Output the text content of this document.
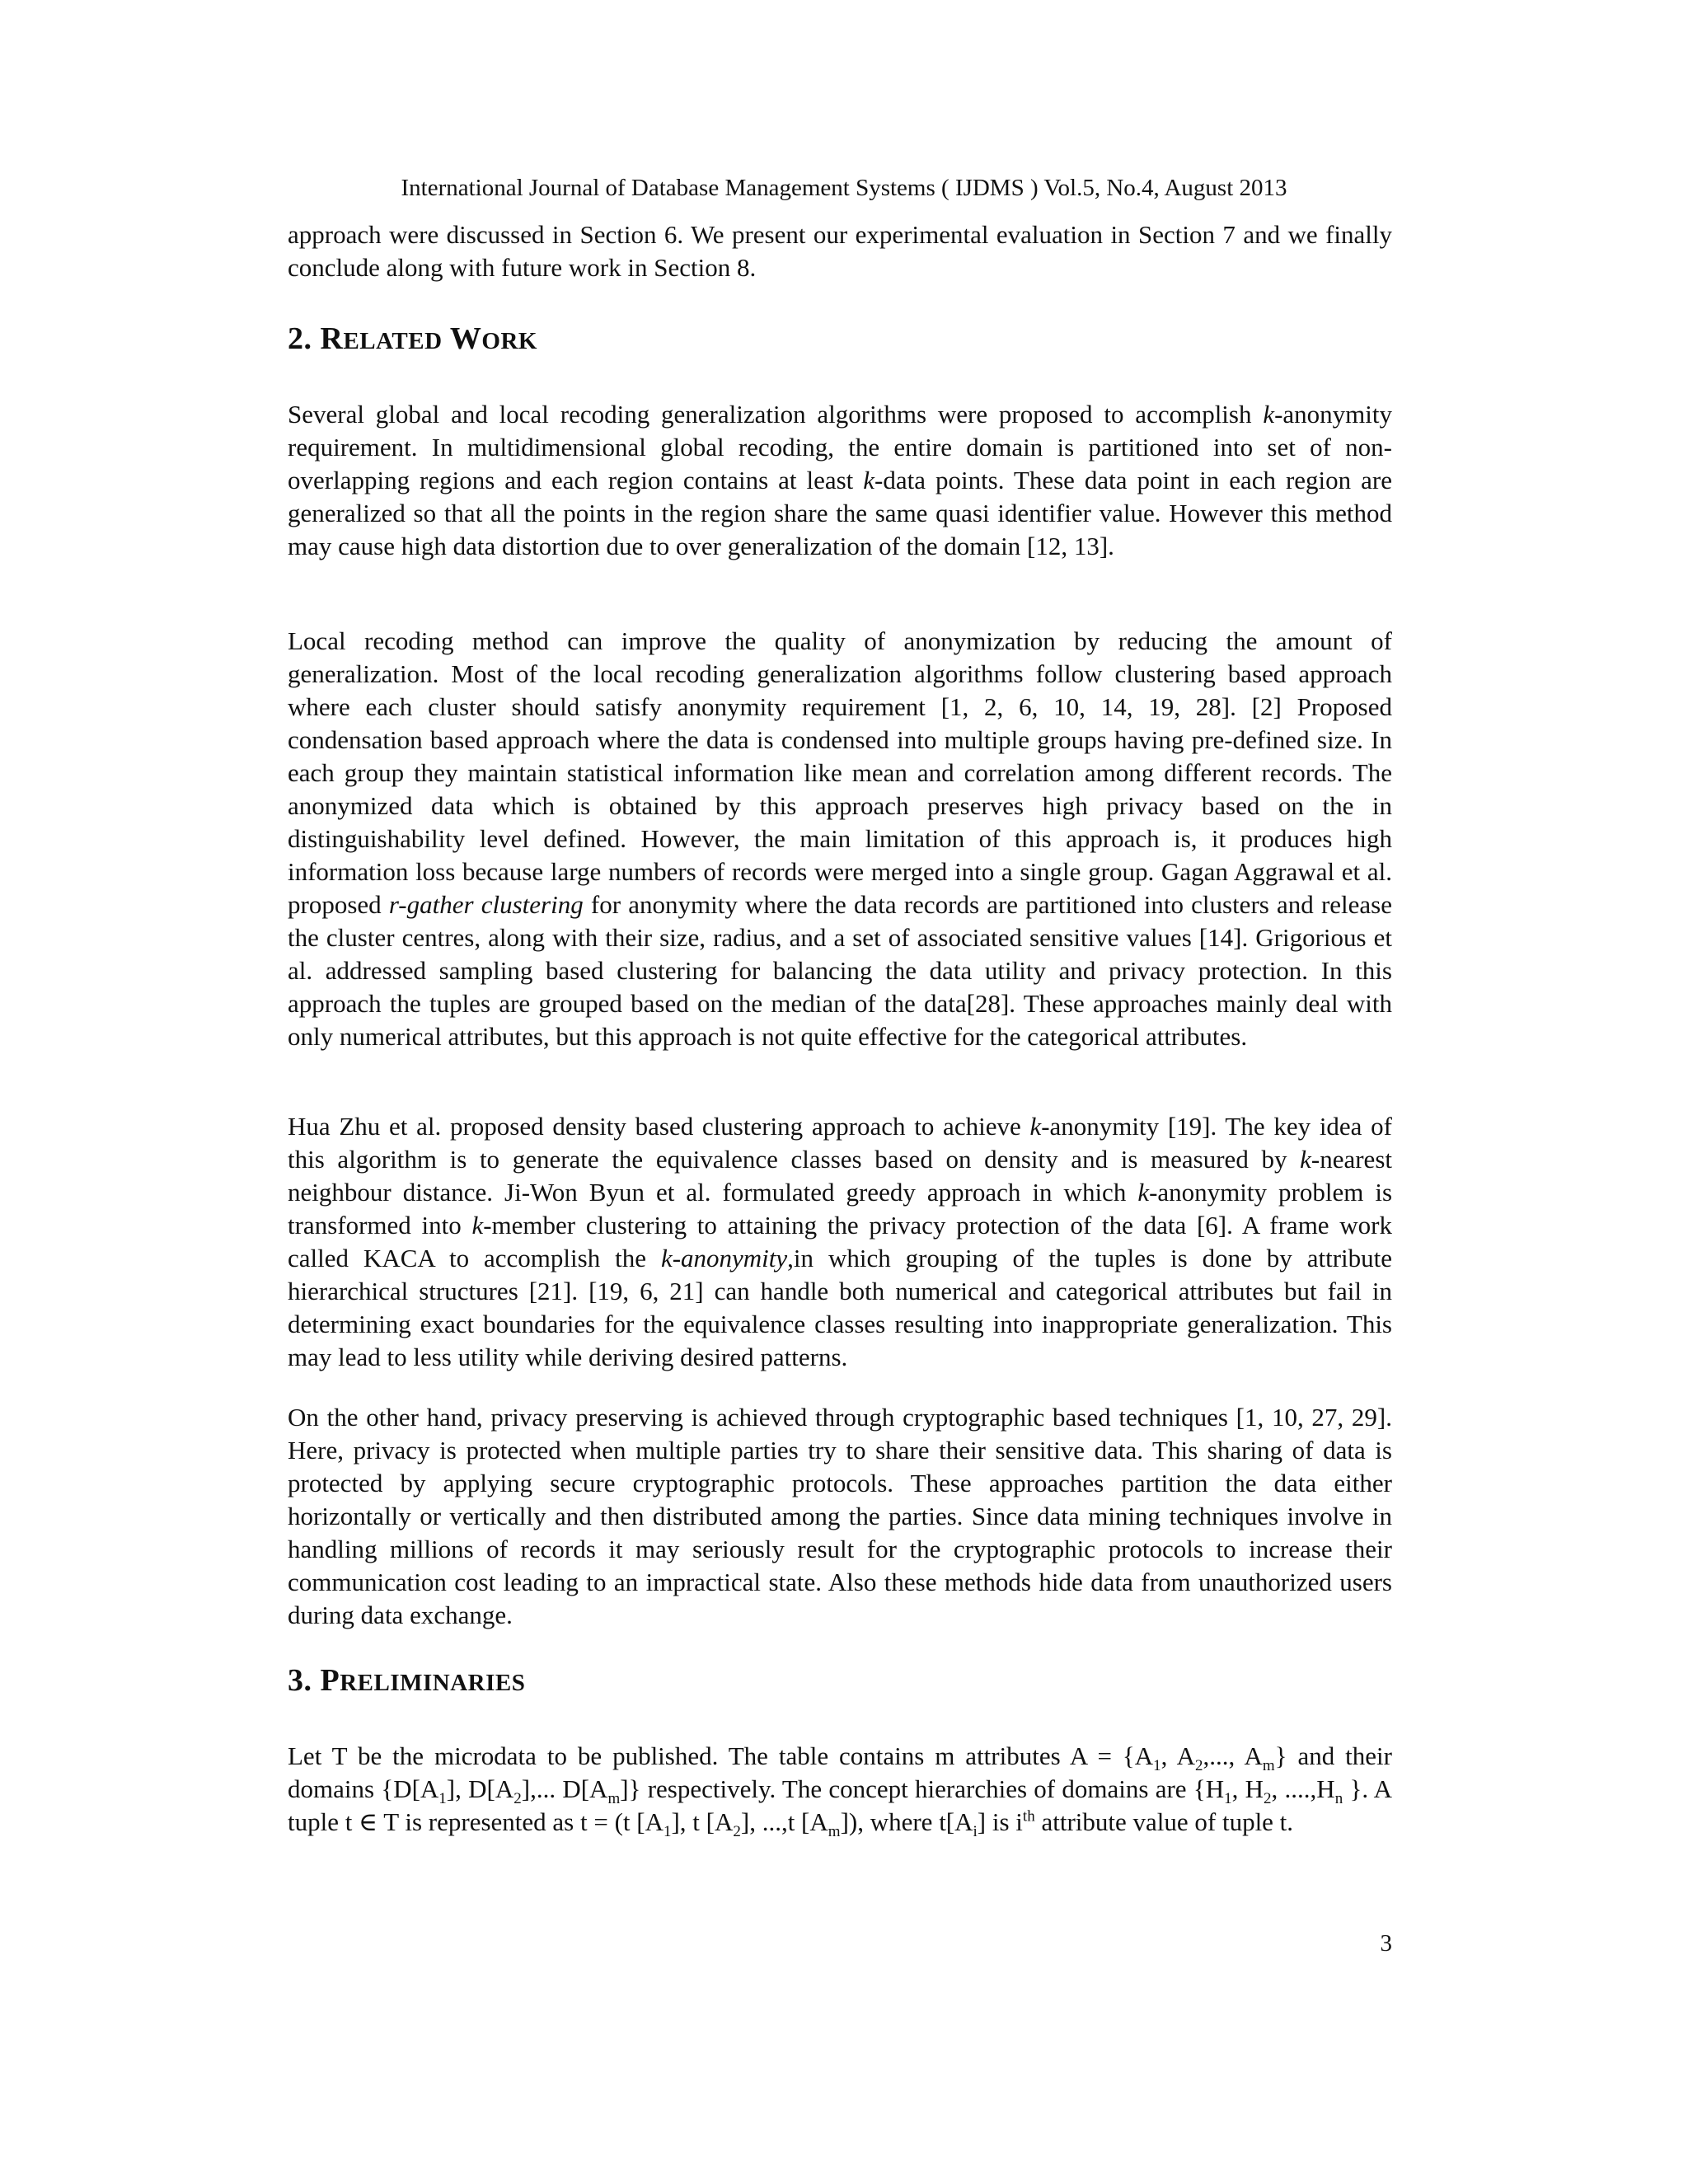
International Journal of Database Management Systems ( IJDMS ) Vol.5, No.4, August 2013

approach were discussed in Section 6. We present our experimental evaluation in Section 7 and we finally conclude along with future work in Section 8.

2. RELATED WORK

Several global and local recoding generalization algorithms were proposed to accomplish k-anonymity requirement. In multidimensional global recoding, the entire domain is partitioned into set of non-overlapping regions and each region contains at least k-data points. These data point in each region are generalized so that all the points in the region share the same quasi identifier value. However this method may cause high data distortion due to over generalization of the domain [12, 13].

Local recoding method can improve the quality of anonymization by reducing the amount of generalization. Most of the local recoding generalization algorithms follow clustering based approach where each cluster should satisfy anonymity requirement [1, 2, 6, 10, 14, 19, 28]. [2] Proposed condensation based approach where the data is condensed into multiple groups having pre-defined size. In each group they maintain statistical information like mean and correlation among different records. The anonymized data which is obtained by this approach preserves high privacy based on the in distinguishability level defined. However, the main limitation of this approach is, it produces high information loss because large numbers of records were merged into a single group. Gagan Aggrawal et al. proposed r-gather clustering for anonymity where the data records are partitioned into clusters and release the cluster centres, along with their size, radius, and a set of associated sensitive values [14]. Grigorious et al. addressed sampling based clustering for balancing the data utility and privacy protection. In this approach the tuples are grouped based on the median of the data[28]. These approaches mainly deal with only numerical attributes, but this approach is not quite effective for the categorical attributes.

Hua Zhu et al. proposed density based clustering approach to achieve k-anonymity [19]. The key idea of this algorithm is to generate the equivalence classes based on density and is measured by k-nearest neighbour distance. Ji-Won Byun et al. formulated greedy approach in which k-anonymity problem is transformed into k-member clustering to attaining the privacy protection of the data [6]. A frame work called KACA to accomplish the k-anonymity,in which grouping of the tuples is done by attribute hierarchical structures [21]. [19, 6, 21] can handle both numerical and categorical attributes but fail in determining exact boundaries for the equivalence classes resulting into inappropriate generalization. This may lead to less utility while deriving desired patterns.

On the other hand, privacy preserving is achieved through cryptographic based techniques [1, 10, 27, 29]. Here, privacy is protected when multiple parties try to share their sensitive data. This sharing of data is protected by applying secure cryptographic protocols. These approaches partition the data either horizontally or vertically and then distributed among the parties. Since data mining techniques involve in handling millions of records it may seriously result for the cryptographic protocols to increase their communication cost leading to an impractical state. Also these methods hide data from unauthorized users during data exchange.

3. PRELIMINARIES

Let T be the microdata to be published. The table contains m attributes $A = \{A_1$, $A_2$,..., $A_m$} and their domains {$D[A_1]$, $D[A_2]$,... $D[A_m]$} respectively. The concept hierarchies of domains are {$H_1$, $H_2$, $....,H_n$ }. A tuple t ∈ T is represented as t = (t $[A_1]$, t $[A_2]$, ...,t $[A_m]$), where $t[A_i]$ is $i^{th}$ attribute value of tuple t.

3
